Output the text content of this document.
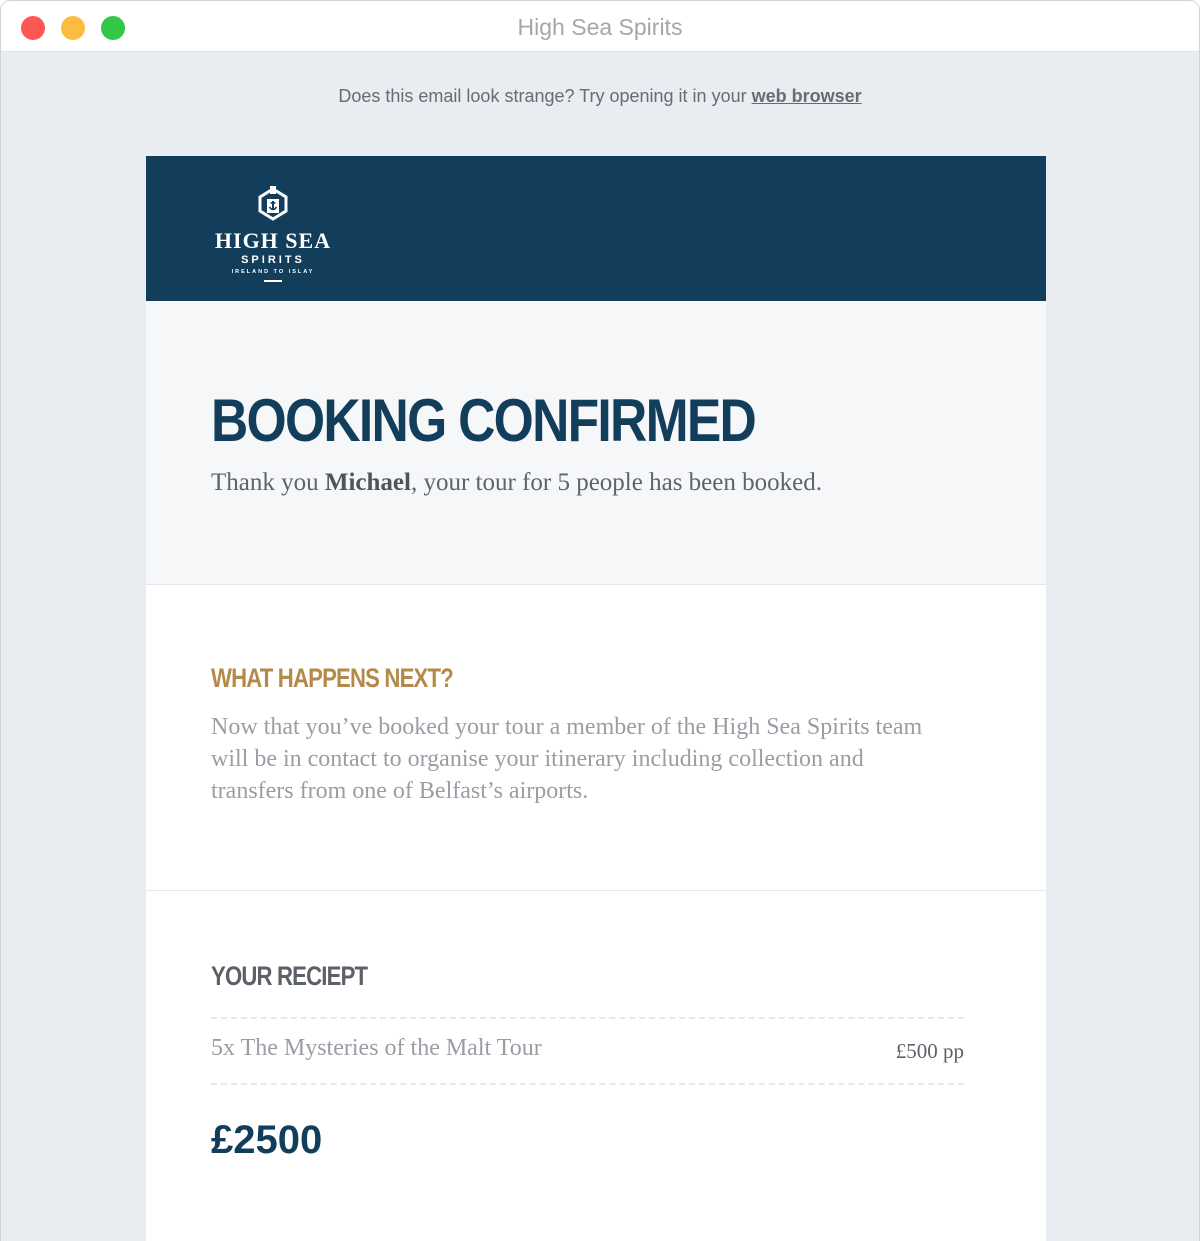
High Sea Spirits
Does this email look strange? Try opening it in your web browser
HIGH SEA
SPIRITS
IRELAND TO ISLAY
BOOKING CONFIRMED
Thank you Michael, your tour for 5 people has been booked.
WHAT HAPPENS NEXT?

Now that you’ve booked your tour a member of the High Sea Spirits team will be in contact to organise your itinerary including collection and transfers from one of Belfast’s airports.

YOUR RECIEPT
5x The Mysteries of the Malt Tour	£500 pp
£2500
